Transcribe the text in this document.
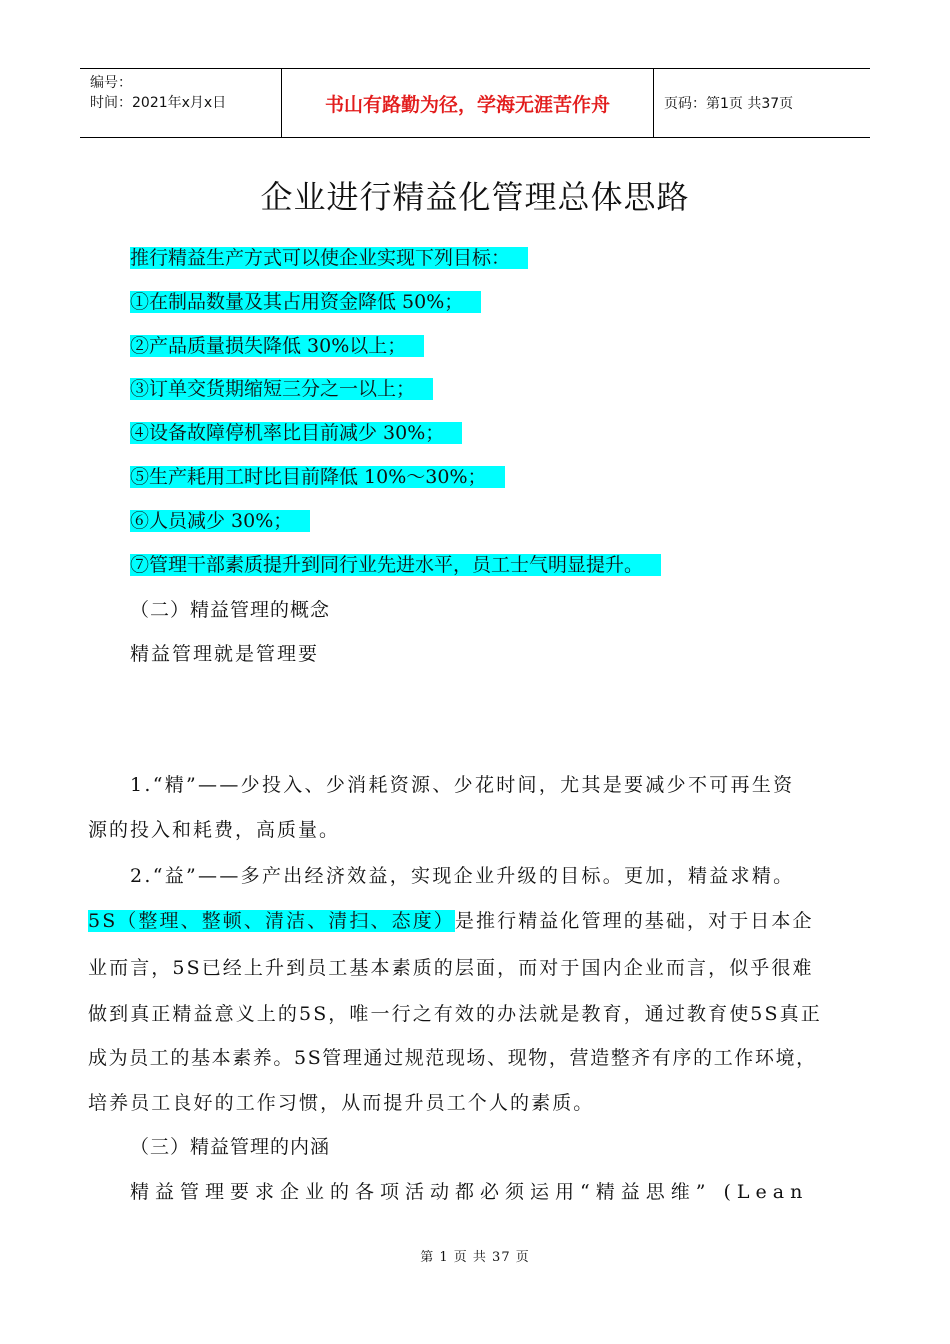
编号：
时间：2021年x月x日	书山有路勤为径，学海无涯苦作舟	页码：第1页 共37页
企业进行精益化管理总体思路
推行精益生产方式可以使企业实现下列目标：
①在制品数量及其占用资金降低 50%；
②产品质量损失降低 30%以上；
③订单交货期缩短三分之一以上；
④设备故障停机率比目前减少 30%；
⑤生产耗用工时比目前降低 10%～30%；
⑥人员减少 30%；
⑦管理干部素质提升到同行业先进水平，员工士气明显提升。
（二）精益管理的概念
精益管理就是管理要
1.“精”——少投入、少消耗资源、少花时间，尤其是要减少不可再生资
源的投入和耗费，高质量。
2.“益”——多产出经济效益，实现企业升级的目标。更加，精益求精。
5S（整理、整顿、清洁、清扫、态度）是推行精益化管理的基础，对于日本企
业而言，5S已经上升到员工基本素质的层面，而对于国内企业而言，似乎很难
做到真正精益意义上的5S，唯一行之有效的办法就是教育，通过教育使5S真正
成为员工的基本素养。5S管理通过规范现场、现物，营造整齐有序的工作环境，
培养员工良好的工作习惯，从而提升员工个人的素质。
（三）精益管理的内涵
精益管理要求企业的各项活动都必须运用“精益思维” (Lean
第 1 页 共 37 页
